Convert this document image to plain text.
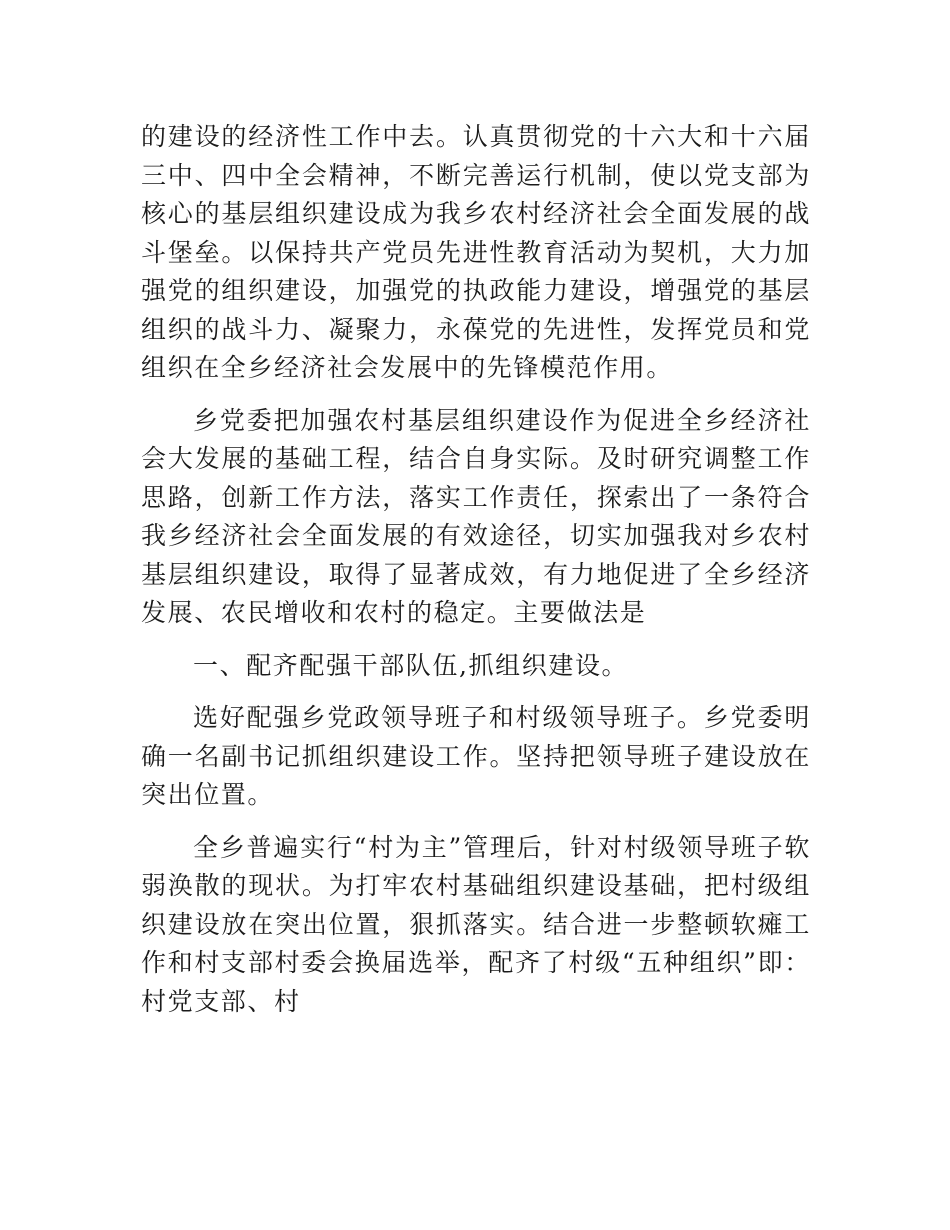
的建设的经济性工作中去。认真贯彻党的十六大和十六届三中、四中全会精神，不断完善运行机制，使以党支部为核心的基层组织建设成为我乡农村经济社会全面发展的战斗堡垒。以保持共产党员先进性教育活动为契机，大力加强党的组织建设，加强党的执政能力建设，增强党的基层组织的战斗力、凝聚力，永葆党的先进性，发挥党员和党组织在全乡经济社会发展中的先锋模范作用。

乡党委把加强农村基层组织建设作为促进全乡经济社会大发展的基础工程，结合自身实际。及时研究调整工作思路，创新工作方法，落实工作责任，探索出了一条符合我乡经济社会全面发展的有效途径，切实加强我对乡农村基层组织建设，取得了显著成效，有力地促进了全乡经济发展、农民增收和农村的稳定。主要做法是

一、配齐配强干部队伍,抓组织建设。

选好配强乡党政领导班子和村级领导班子。乡党委明确一名副书记抓组织建设工作。坚持把领导班子建设放在突出位置。

全乡普遍实行“村为主”管理后，针对村级领导班子软弱涣散的现状。为打牢农村基础组织建设基础，把村级组织建设放在突出位置，狠抓落实。结合进一步整顿软瘫工作和村支部村委会换届选举，配齐了村级“五种组织”即：村党支部、村
